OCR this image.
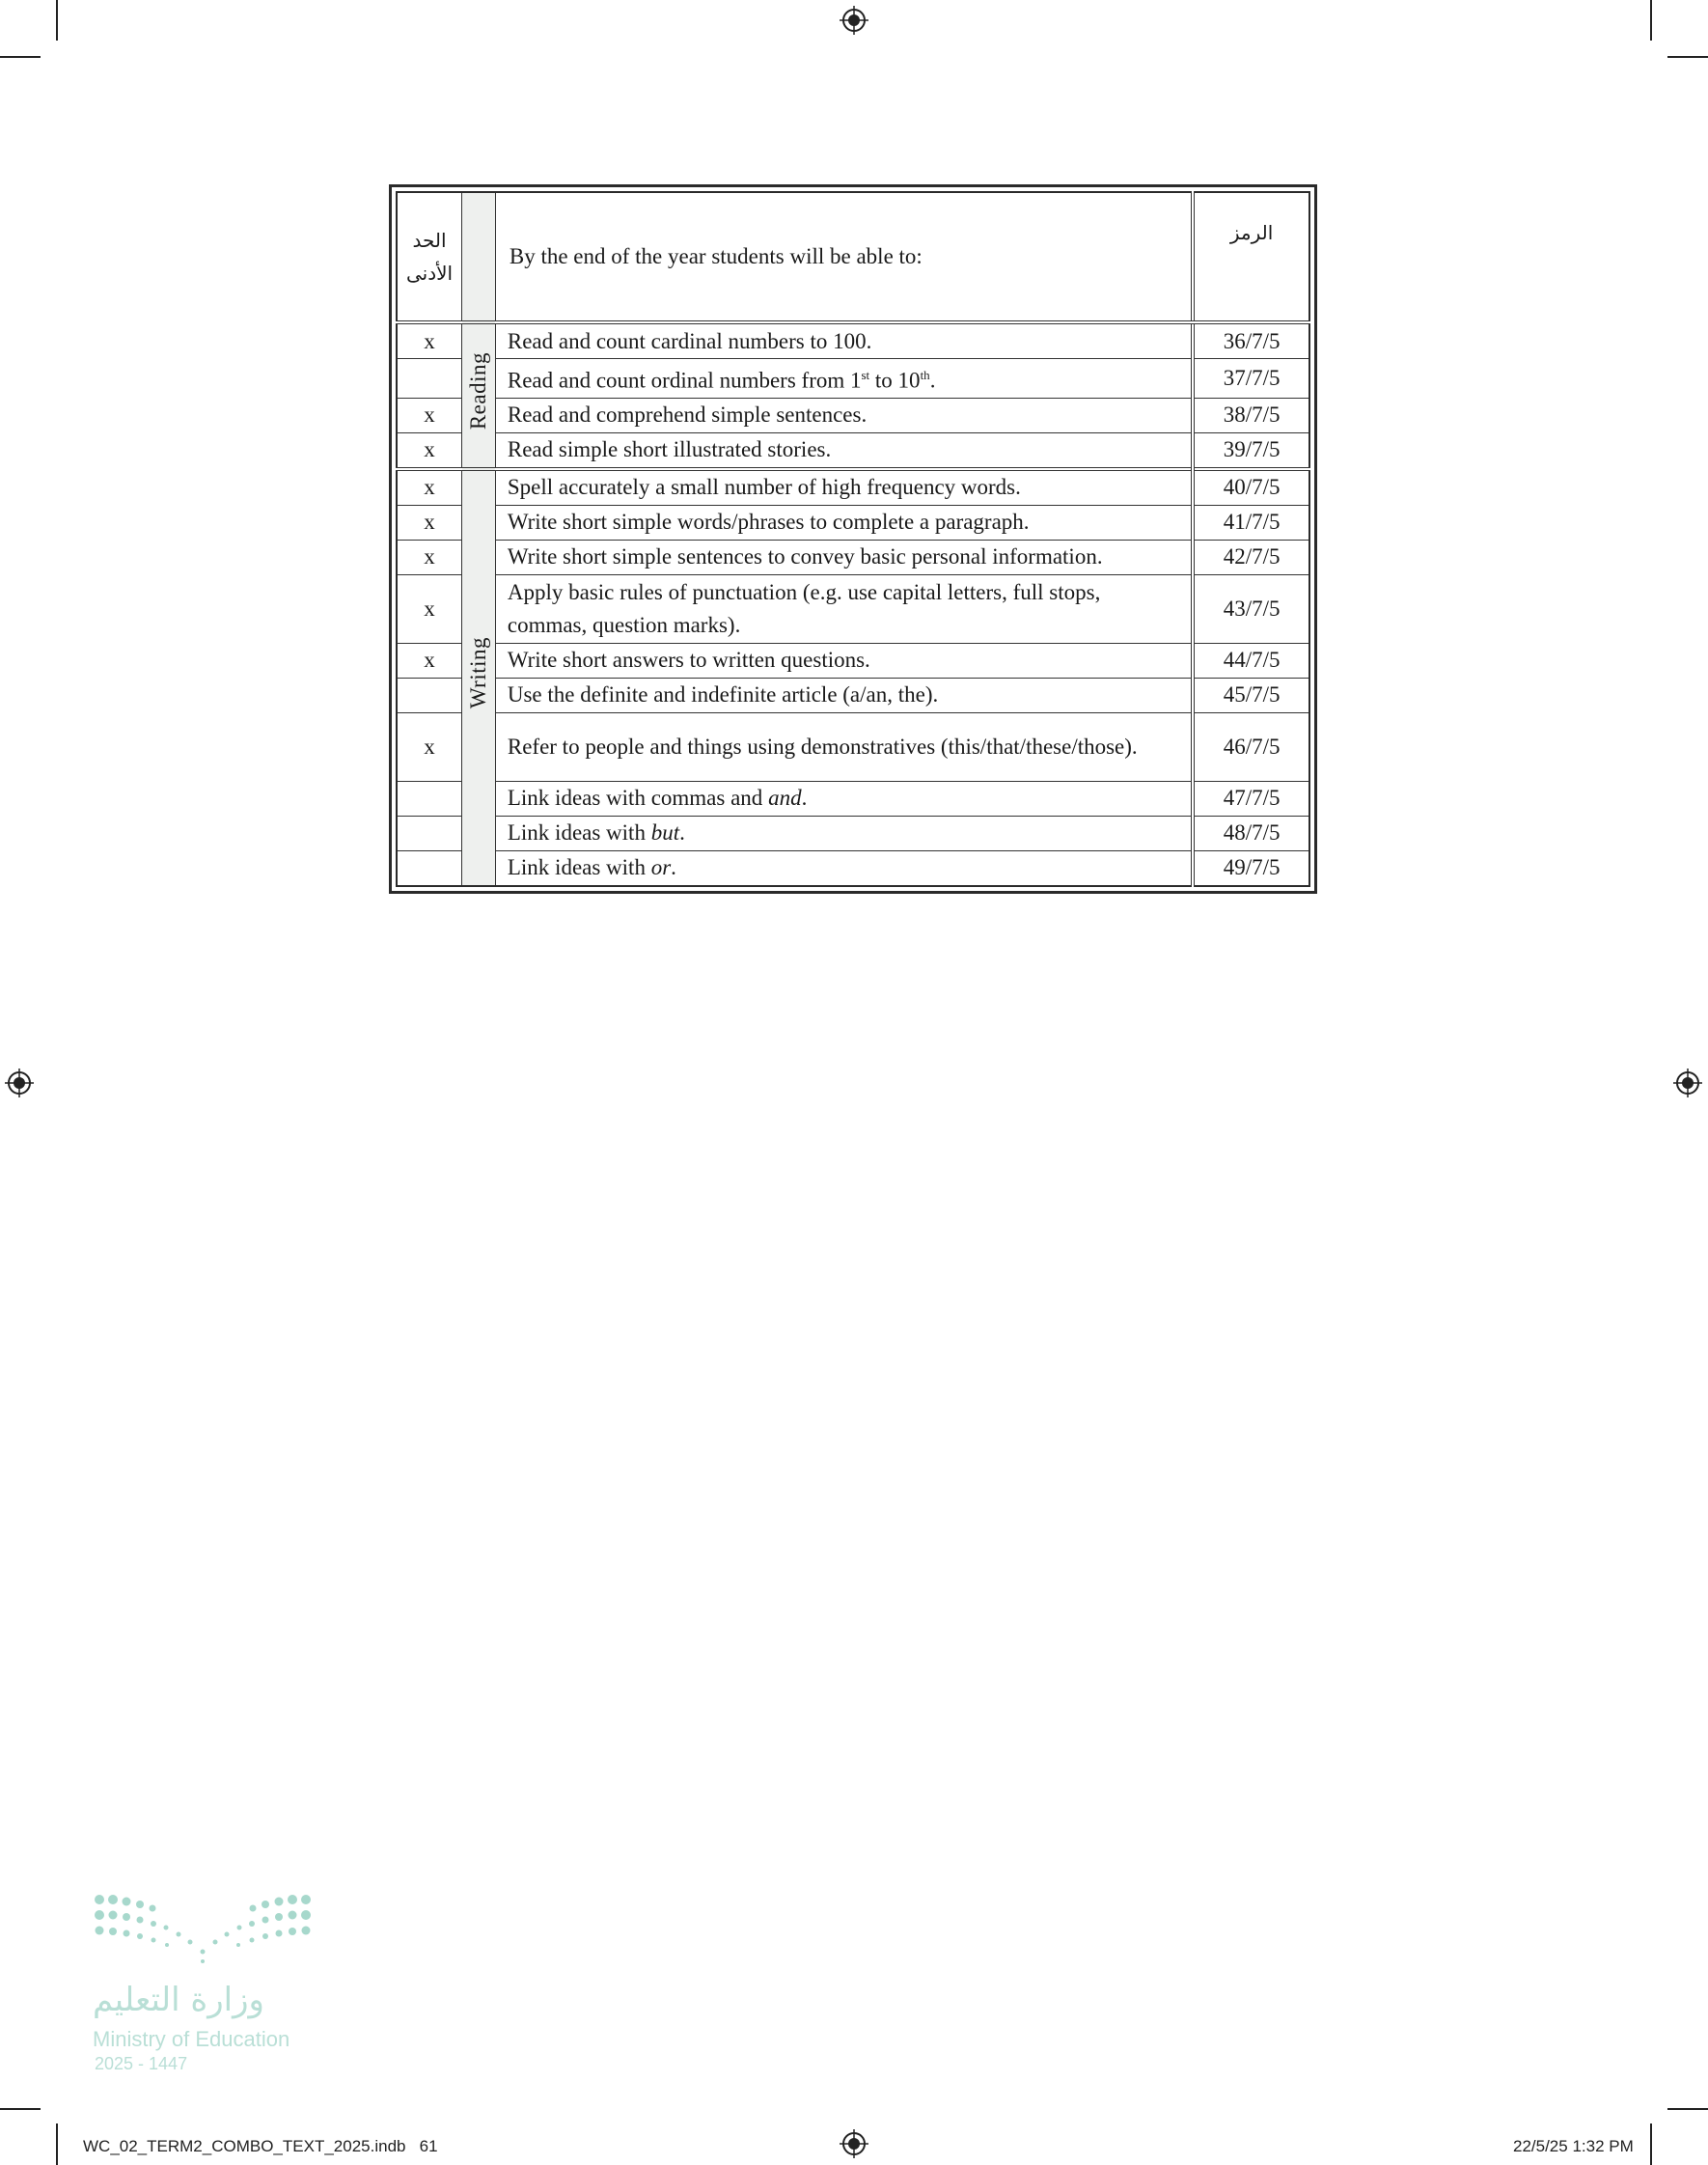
الحد الأدنى		By the end of the year students will be able to:	الرمز
x	Reading	Read and count cardinal numbers to 100.	36/7/5
		Read and count ordinal numbers from 1st to 10th.	37/7/5
x		Read and comprehend simple sentences.	38/7/5
x		Read simple short illustrated stories.	39/7/5
x	Writing	Spell accurately a small number of high frequency words.	40/7/5
x		Write short simple words/phrases to complete a paragraph.	41/7/5
x		Write short simple sentences to convey basic personal information.	42/7/5
x		Apply basic rules of punctuation (e.g. use capital letters, full stops, commas, question marks).	43/7/5
x		Write short answers to written questions.	44/7/5
		Use the definite and indefinite article (a/an, the).	45/7/5
x		Refer to people and things using demonstratives (this/that/these/those).	46/7/5
		Link ideas with commas and and.	47/7/5
		Link ideas with but.	48/7/5
		Link ideas with or.	49/7/5
وزارة التعليم
Ministry of Education
2025 - 1447
WC_02_TERM2_COMBO_TEXT_2025.indb 61	22/5/25 1:32 PM
